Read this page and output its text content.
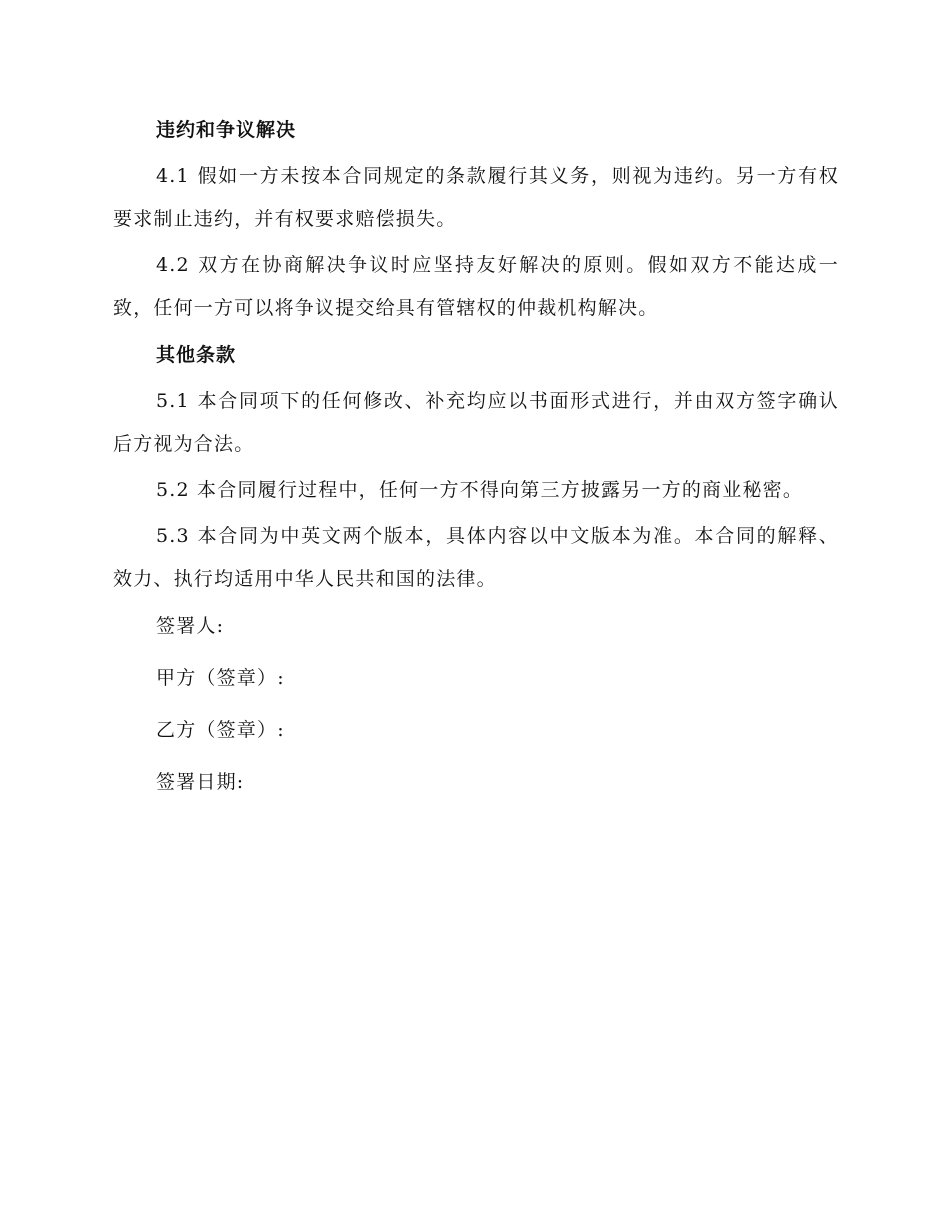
违约和争议解决

4.1 假如一方未按本合同规定的条款履行其义务，则视为违约。另一方有权要求制止违约，并有权要求赔偿损失。

4.2 双方在协商解决争议时应坚持友好解决的原则。假如双方不能达成一致，任何一方可以将争议提交给具有管辖权的仲裁机构解决。

其他条款

5.1 本合同项下的任何修改、补充均应以书面形式进行，并由双方签字确认后方视为合法。

5.2 本合同履行过程中，任何一方不得向第三方披露另一方的商业秘密。

5.3 本合同为中英文两个版本，具体内容以中文版本为准。本合同的解释、效力、执行均适用中华人民共和国的法律。

签署人:
甲方（签章）:
乙方（签章）:
签署日期:
